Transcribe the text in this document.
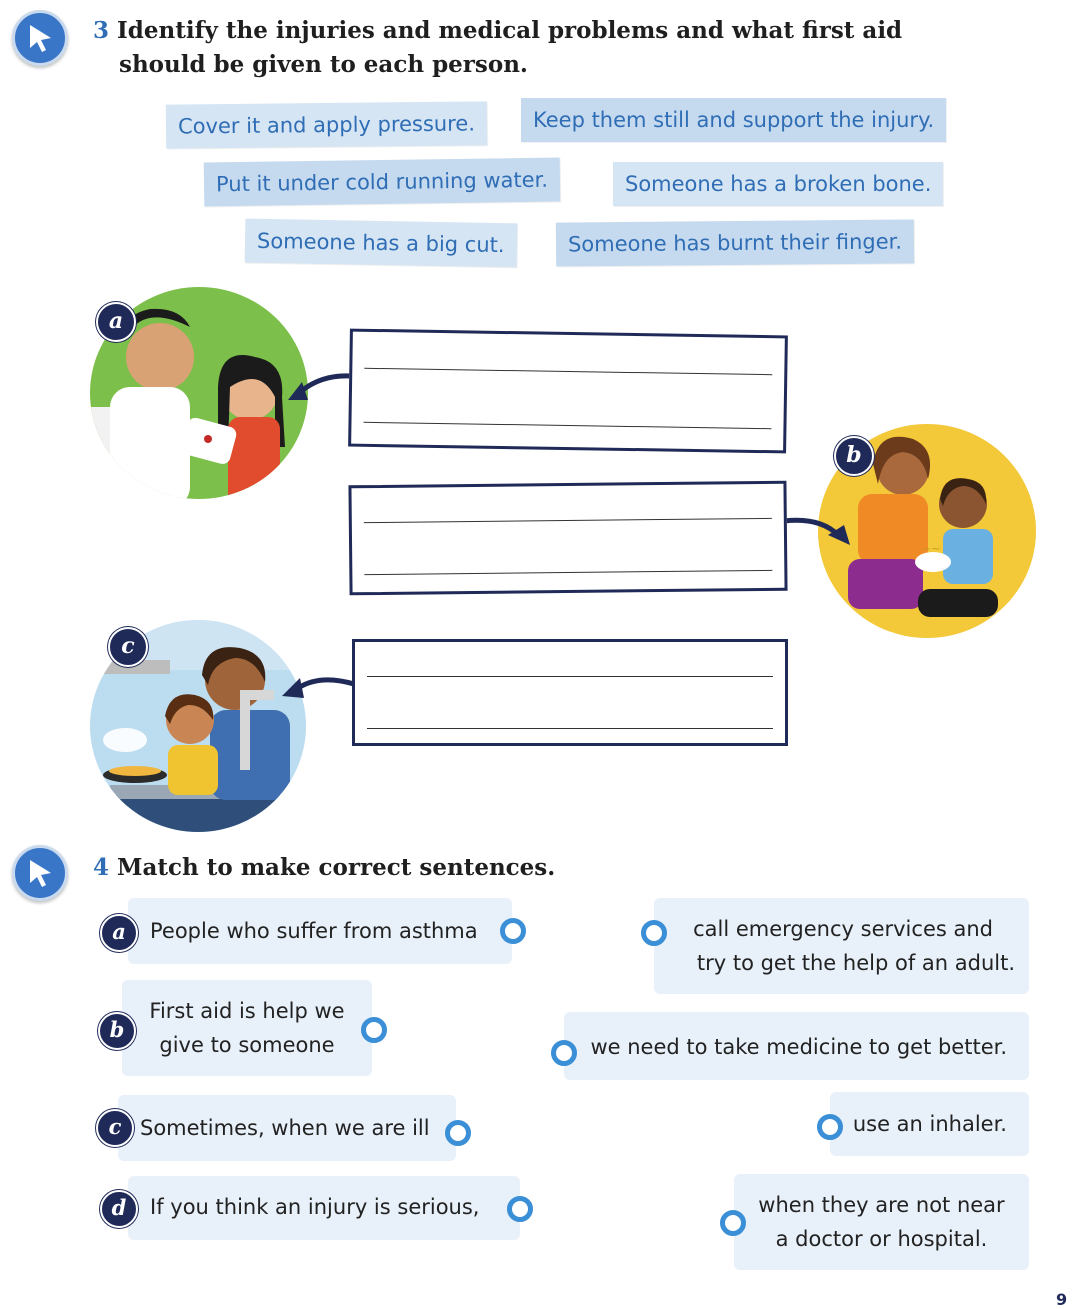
3 Identify the injuries and medical problems and what first aid
should be given to each person.
Cover it and apply pressure.	Keep them still and support the injury.
Put it under cold running water.	Someone has a broken bone.
Someone has a big cut.	Someone has burnt their finger.
a
~~
b
c
4 Match to make correct sentences.
People who suffer from asthma
a
First aid is help we
give to someone
b
Sometimes, when we are ill
c
If you think an injury is serious,
d
call emergency services and
try to get the help of an adult.
we need to take medicine to get better.
use an inhaler.
when they are not near
a doctor or hospital.
9
